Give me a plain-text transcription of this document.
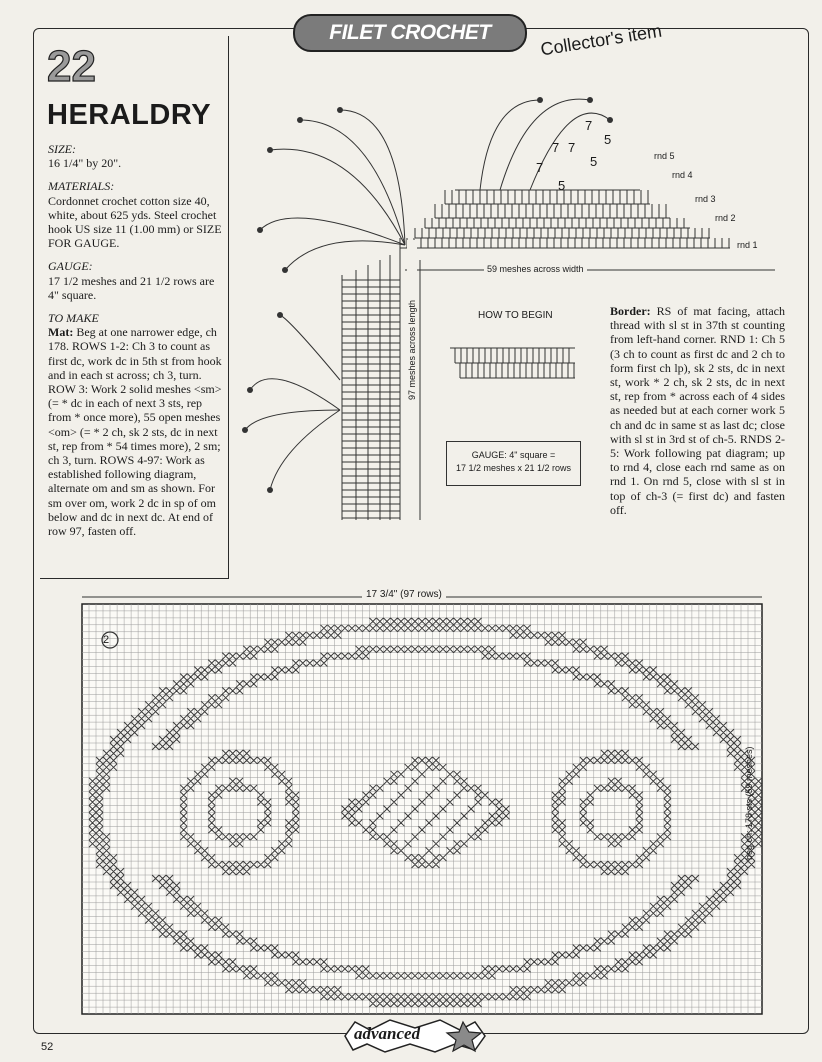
FILET CROCHET	Collector's item
22
HERALDRY

SIZE:

16 1/4" by 20".

MATERIALS:

Cordonnet crochet cotton size 40, white, about 625 yds. Steel crochet hook US size 11 (1.00 mm) or SIZE FOR GAUGE.

GAUGE:

17 1/2 meshes and 21 1/2 rows are 4" square.

TO MAKE

Mat: Beg at one narrower edge, ch 178. ROWS 1-2: Ch 3 to count as first dc, work dc in 5th st from hook and in each st across; ch 3, turn. ROW 3: Work 2 solid meshes <sm> (= * dc in each of next 3 sts, rep from * once more), 55 open meshes <om> (= * 2 ch, sk 2 sts, dc in next st, rep from * 54 times more), 2 sm; ch 3, turn. ROWS 4-97: Work as established following diagram, alternate om and sm as shown. For sm over om, work 2 dc in sp of om below and dc in next dc. At end of row 97, fasten off.

59 meshes across width
97 meshes across length	HOW TO BEGIN
rnd 1
rnd 2
rnd 3
rnd 4
rnd 5
7
7
7
7
5
5
5
GAUGE: 4" square =
17 1/2 meshes x 21 1/2 rows
Border: RS of mat facing, attach thread with sl st in 37th st counting from left-hand corner. RND 1: Ch 5 (3 ch to count as first dc and 2 ch to form first ch lp), sk 2 sts, dc in next st, work * 2 ch, sk 2 sts, dc in next st, rep from * across each of 4 sides as needed but at each corner work 5 ch and dc in same st as last dc; close with sl st in 3rd st of ch-5. RNDS 2-5: Work following pat diagram; up to rnd 4, close each rnd same as on rnd 1. On rnd 5, close with sl st in top of ch-3 (= first dc) and fasten off.
17 3/4" (97 rows)
2
beg ch: 178 sts (59 meshes)
advanced
52
